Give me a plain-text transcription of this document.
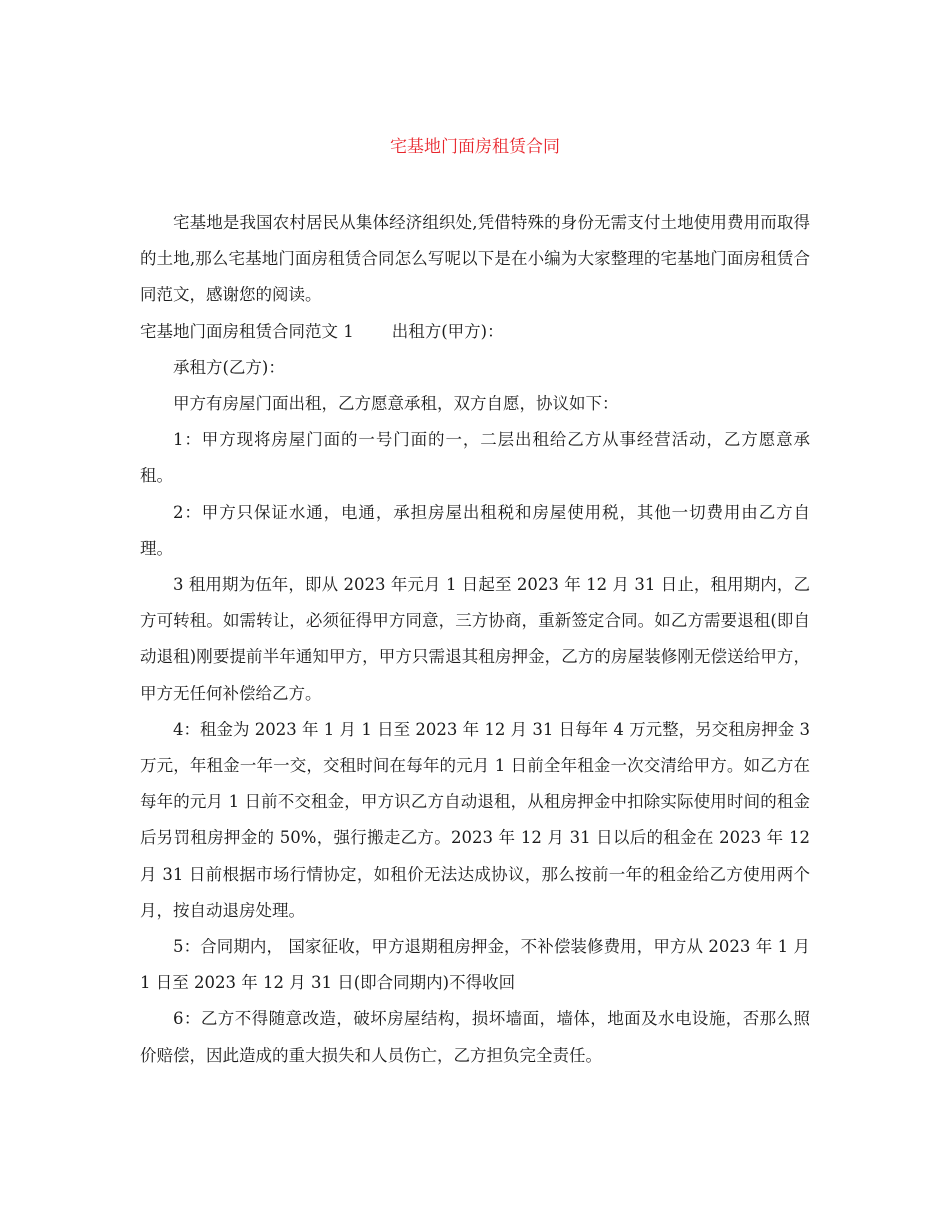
宅基地门面房租赁合同

宅基地是我国农村居民从集体经济组织处,凭借特殊的身份无需支付土地使用费用而取得的土地,那么宅基地门面房租赁合同怎么写呢以下是在小编为大家整理的宅基地门面房租赁合同范文，感谢您的阅读。

宅基地门面房租赁合同范文 1 出租方(甲方)：

承租方(乙方)：

甲方有房屋门面出租，乙方愿意承租，双方自愿，协议如下：

1：甲方现将房屋门面的一号门面的一，二层出租给乙方从事经营活动，乙方愿意承租。

2：甲方只保证水通，电通，承担房屋出租税和房屋使用税，其他一切费用由乙方自理。

3 租用期为伍年，即从 2023 年元月 1 日起至 2023 年 12 月 31 日止，租用期内，乙方可转租。如需转让，必须征得甲方同意，三方协商，重新签定合同。如乙方需要退租(即自动退租)刚要提前半年通知甲方，甲方只需退其租房押金，乙方的房屋装修刚无偿送给甲方，甲方无任何补偿给乙方。

4：租金为 2023 年 1 月 1 日至 2023 年 12 月 31 日每年 4 万元整，另交租房押金 3 万元，年租金一年一交，交租时间在每年的元月 1 日前全年租金一次交清给甲方。如乙方在每年的元月 1 日前不交租金，甲方识乙方自动退租，从租房押金中扣除实际使用时间的租金后另罚租房押金的 50%，强行搬走乙方。2023 年 12 月 31 日以后的租金在 2023 年 12 月 31 日前根据市场行情协定，如租价无法达成协议，那么按前一年的租金给乙方使用两个月，按自动退房处理。

5：合同期内， 国家征收，甲方退期租房押金，不补偿装修费用，甲方从 2023 年 1 月 1 日至 2023 年 12 月 31 日(即合同期内)不得收回

6：乙方不得随意改造，破坏房屋结构，损坏墙面，墙体，地面及水电设施，否那么照价赔偿，因此造成的重大损失和人员伤亡，乙方担负完全责任。
